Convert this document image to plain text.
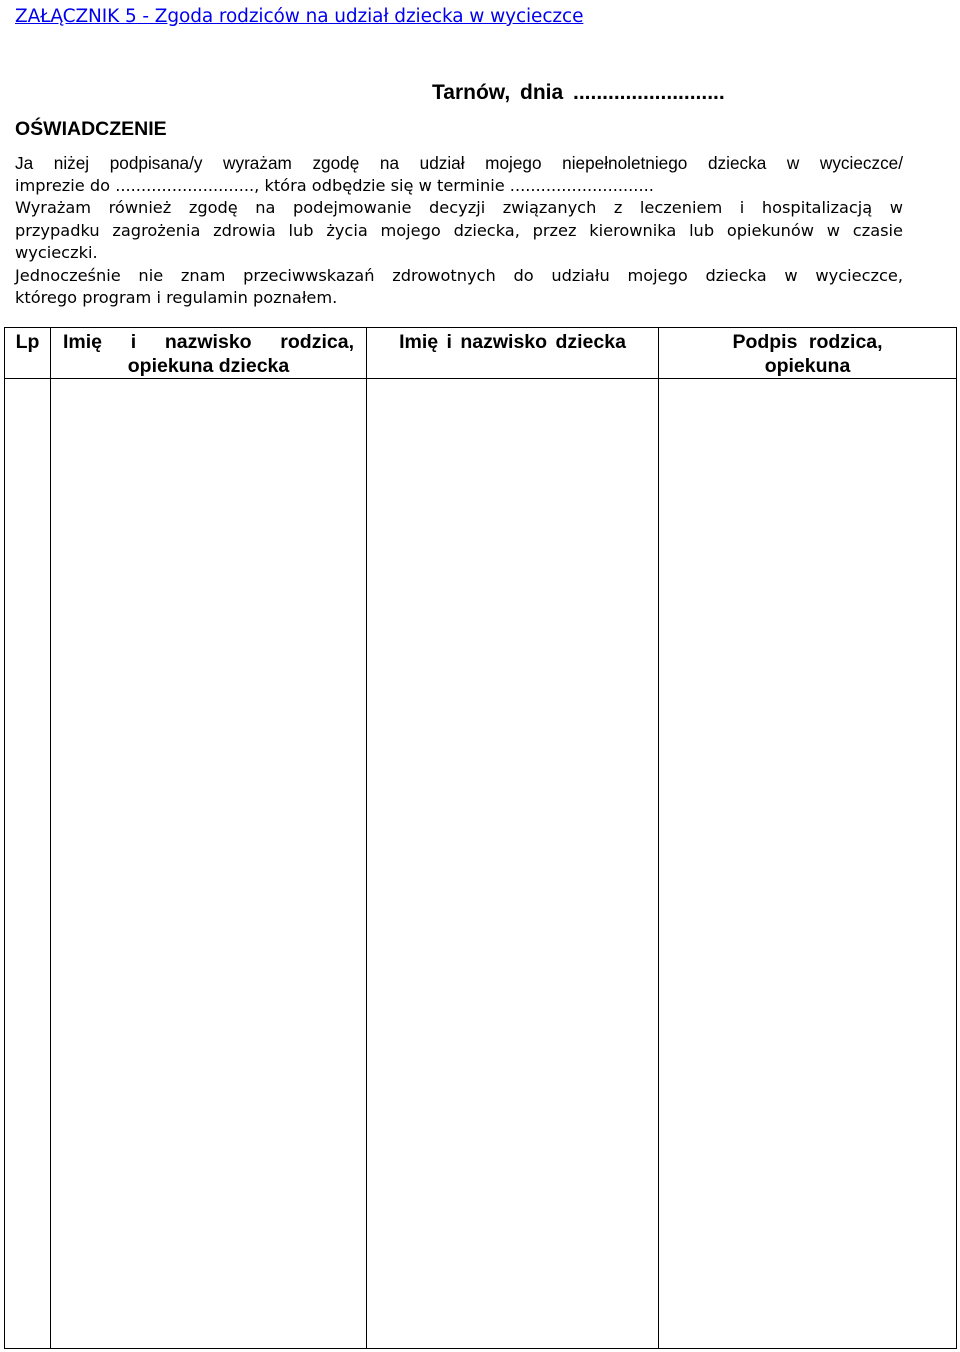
ZAŁĄCZNIK 5 - Zgoda rodziców na udział dziecka w wycieczce
Tarnów, dnia ..........................
OŚWIADCZENIE
Ja niżej podpisana/y wyrażam zgodę na udział mojego niepełnoletniego dziecka w wycieczce/
imprezie do ..........................., która odbędzie się w terminie ............................
Wyrażam również zgodę na podejmowanie decyzji związanych z leczeniem i hospitalizacją w
przypadku zagrożenia zdrowia lub życia mojego dziecka, przez kierownika lub opiekunów w czasie
wycieczki.
Jednocześnie nie znam przeciwwskazań zdrowotnych do udziału mojego dziecka w wycieczce,
którego program i regulamin poznałem.
Lp	Imię i nazwisko rodzica,
opiekuna dziecka	Imię i nazwisko dziecka	Podpis rodzica,
opiekuna
